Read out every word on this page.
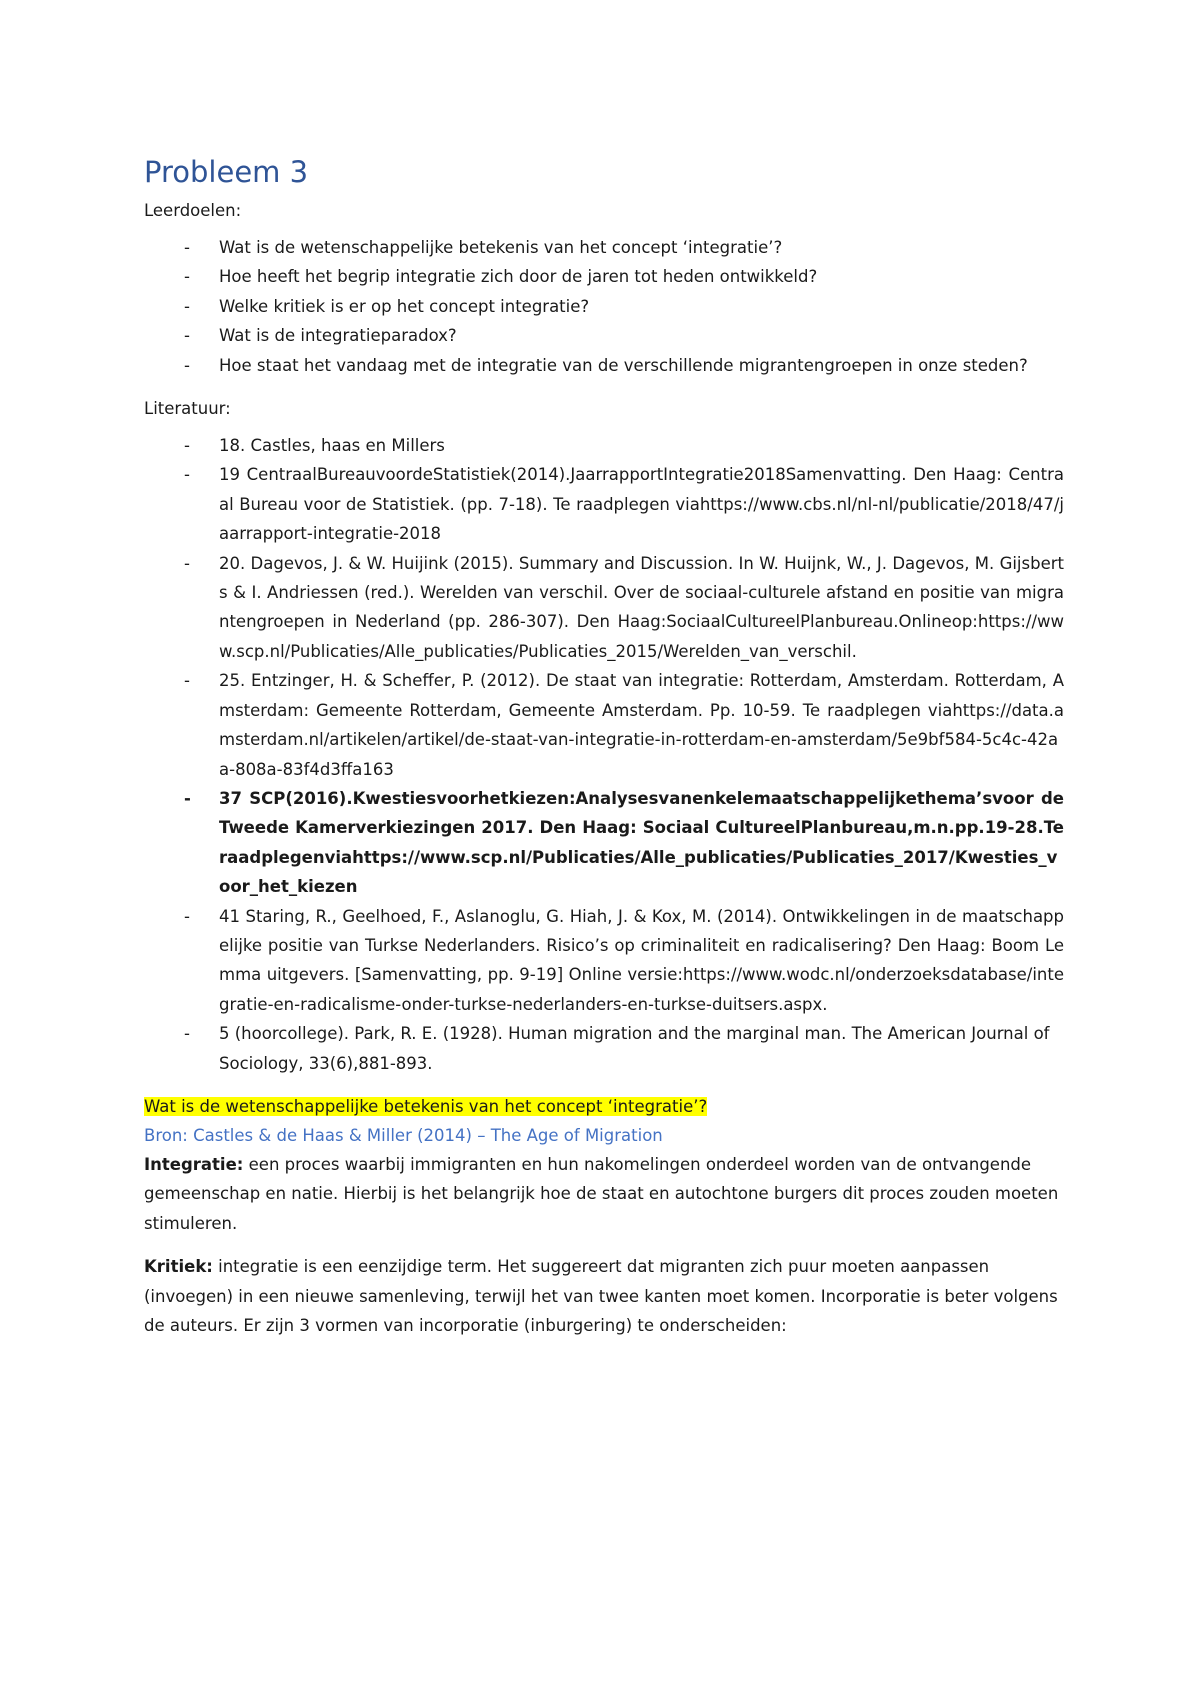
Probleem 3

Leerdoelen:

- Wat is de wetenschappelijke betekenis van het concept ‘integratie’?
- Hoe heeft het begrip integratie zich door de jaren tot heden ontwikkeld?
- Welke kritiek is er op het concept integratie?
- Wat is de integratieparadox?
- Hoe staat het vandaag met de integratie van de verschillende migrantengroepen in onze steden?

Literatuur:

- 18. Castles, haas en Millers
- 19 CentraalBureauvoordeStatistiek(2014).JaarrapportIntegratie2018Samenvatting. Den Haag: Centraal Bureau voor de Statistiek. (pp. 7-18). Te raadplegen viahttps://www.cbs.nl/nl-nl/publicatie/2018/47/jaarrapport-integratie-2018
- 20. Dagevos, J. & W. Huijink (2015). Summary and Discussion. In W. Huijnk, W., J. Dagevos, M. Gijsberts & I. Andriessen (red.). Werelden van verschil. Over de sociaal-culturele afstand en positie van migrantengroepen in Nederland (pp. 286-307). Den Haag:SociaalCultureelPlanbureau.Onlineop:https://www.scp.nl/Publicaties/Alle_publicaties/Publicaties_2015/Werelden_van_verschil.
- 25. Entzinger, H. & Scheffer, P. (2012). De staat van integratie: Rotterdam, Amsterdam. Rotterdam, Amsterdam: Gemeente Rotterdam, Gemeente Amsterdam. Pp. 10-59. Te raadplegen viahttps://data.amsterdam.nl/artikelen/artikel/de-staat-van-integratie-in-rotterdam-en-amsterdam/5e9bf584-5c4c-42aa-808a-83f4d3ffa163
- 37 SCP(2016).Kwestiesvoorhetkiezen:Analysesvanenkelemaatschappelijkethema’svoor de Tweede Kamerverkiezingen 2017. Den Haag: Sociaal CultureelPlanbureau,m.n.pp.19-28.Teraadplegenviahttps://www.scp.nl/Publicaties/Alle_publicaties/Publicaties_2017/Kwesties_voor_het_kiezen
- 41 Staring, R., Geelhoed, F., Aslanoglu, G. Hiah, J. & Kox, M. (2014). Ontwikkelingen in de maatschappelijke positie van Turkse Nederlanders. Risico’s op criminaliteit en radicalisering? Den Haag: Boom Lemma uitgevers. [Samenvatting, pp. 9-19] Online versie:https://www.wodc.nl/onderzoeksdatabase/integratie-en-radicalisme-onder-turkse-nederlanders-en-turkse-duitsers.aspx.
- 5 (hoorcollege). Park, R. E. (1928). Human migration and the marginal man. The American Journal of Sociology, 33(6),881-893.
Wat is de wetenschappelijke betekenis van het concept ‘integratie’?

Bron: Castles & de Haas & Miller (2014) – The Age of Migration

Integratie: een proces waarbij immigranten en hun nakomelingen onderdeel worden van de ontvangende gemeenschap en natie. Hierbij is het belangrijk hoe de staat en autochtone burgers dit proces zouden moeten stimuleren.

Kritiek: integratie is een eenzijdige term. Het suggereert dat migranten zich puur moeten aanpassen (invoegen) in een nieuwe samenleving, terwijl het van twee kanten moet komen. Incorporatie is beter volgens de auteurs. Er zijn 3 vormen van incorporatie (inburgering) te onderscheiden:
